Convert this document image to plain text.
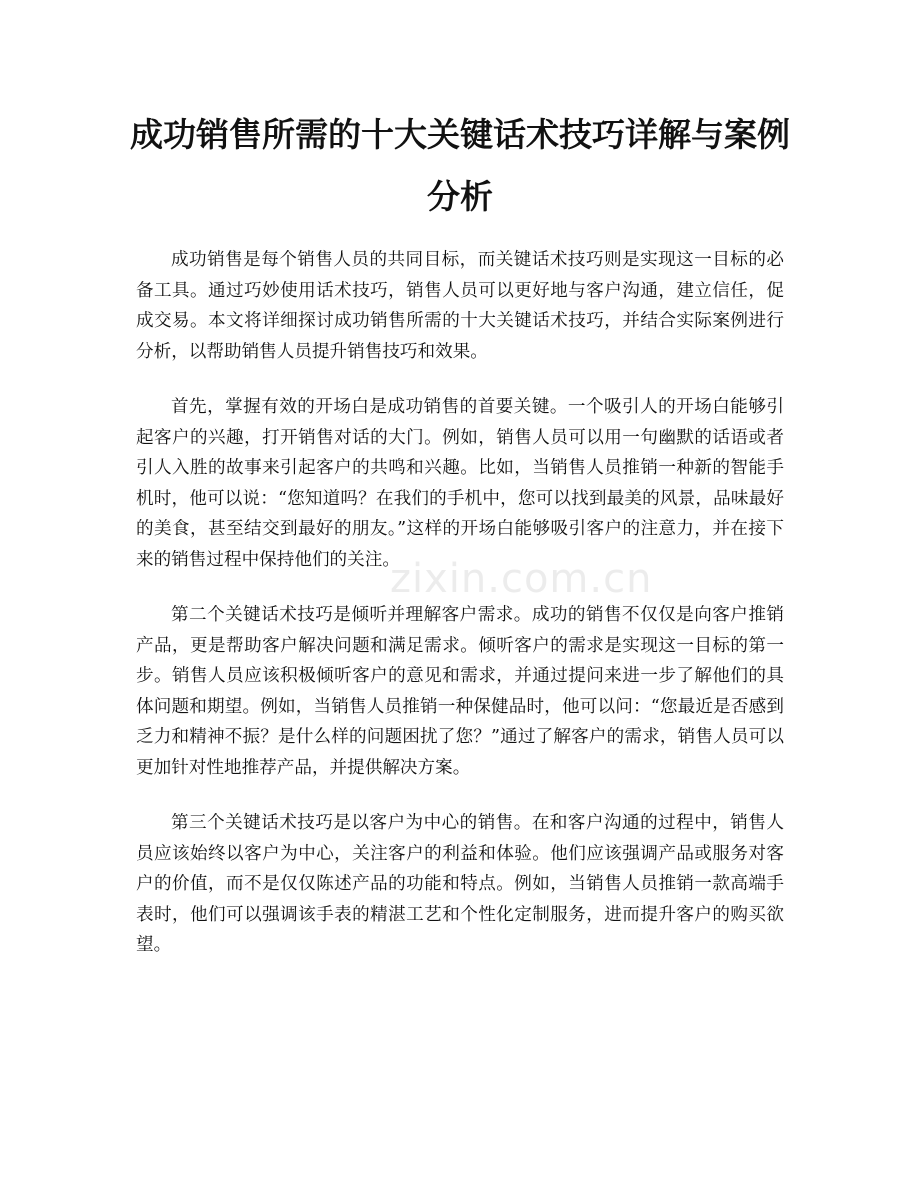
成功销售所需的十大关键话术技巧详解与案例分析

成功销售是每个销售人员的共同目标，而关键话术技巧则是实现这一目标的必备工具。通过巧妙使用话术技巧，销售人员可以更好地与客户沟通，建立信任，促成交易。本文将详细探讨成功销售所需的十大关键话术技巧，并结合实际案例进行分析，以帮助销售人员提升销售技巧和效果。

首先，掌握有效的开场白是成功销售的首要关键。一个吸引人的开场白能够引起客户的兴趣，打开销售对话的大门。例如，销售人员可以用一句幽默的话语或者引人入胜的故事来引起客户的共鸣和兴趣。比如，当销售人员推销一种新的智能手机时，他可以说：“您知道吗？在我们的手机中，您可以找到最美的风景，品味最好的美食，甚至结交到最好的朋友。”这样的开场白能够吸引客户的注意力，并在接下来的销售过程中保持他们的关注。

第二个关键话术技巧是倾听并理解客户需求。成功的销售不仅仅是向客户推销产品，更是帮助客户解决问题和满足需求。倾听客户的需求是实现这一目标的第一步。销售人员应该积极倾听客户的意见和需求，并通过提问来进一步了解他们的具体问题和期望。例如，当销售人员推销一种保健品时，他可以问：“您最近是否感到乏力和精神不振？是什么样的问题困扰了您？”通过了解客户的需求，销售人员可以更加针对性地推荐产品，并提供解决方案。

第三个关键话术技巧是以客户为中心的销售。在和客户沟通的过程中，销售人员应该始终以客户为中心，关注客户的利益和体验。他们应该强调产品或服务对客户的价值，而不是仅仅陈述产品的功能和特点。例如，当销售人员推销一款高端手表时，他们可以强调该手表的精湛工艺和个性化定制服务，进而提升客户的购买欲望。

zixin.com.cn
